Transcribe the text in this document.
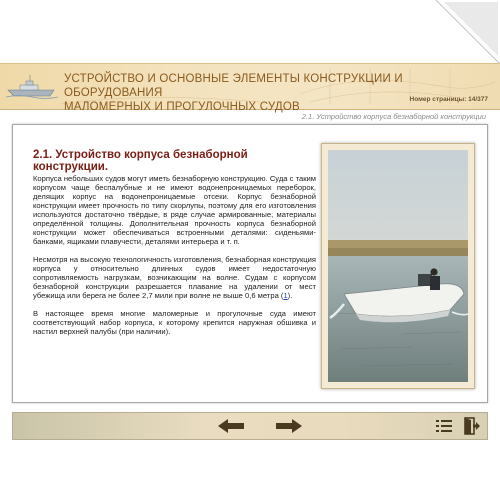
УСТРОЙСТВО И ОСНОВНЫЕ ЭЛЕМЕНТЫ КОНСТРУКЦИИ И ОБОРУДОВАНИЯ
МАЛОМЕРНЫХ И ПРОГУЛОЧНЫХ СУДОВ
Номер страницы: 14/377
2.1. Устройство корпуса безнаборной конструкции
2.1. Устройство корпуса безнаборной конструкции.

Корпуса небольших судов могут иметь безнаборную конструкцию. Суда с таким корпусом чаще беспалубные и не имеют водонепроницаемых переборок, делящих корпус на водонепроницаемые отсеки. Корпус безнаборной конструкции имеет прочность по типу скорлупы, поэтому для его изготовления используются достаточно твёрдые, в ряде случае армированные, материалы определённой толщины. Дополнительная прочность корпуса безнаборной конструкции может обеспечиваться встроенными деталями: сиденьями-банками, ящиками плавучести, деталями интерьера и т. п.

Несмотря на высокую технологичность изготовления, безнаборная конструкция корпуса у относительно длинных судов имеет недостаточную сопротивляемость нагрузкам, возникающим на волне. Судам с корпусом безнаборной конструкции разрешается плавание на удалении от мест убежища или берега не более 2,7 мили при волне не выше 0,6 метра (1).

В настоящее время многие маломерные и прогулочные суда имеют соответствующий набор корпуса, к которому крепится наружная обшивка и настил верхней палубы (при наличии).
